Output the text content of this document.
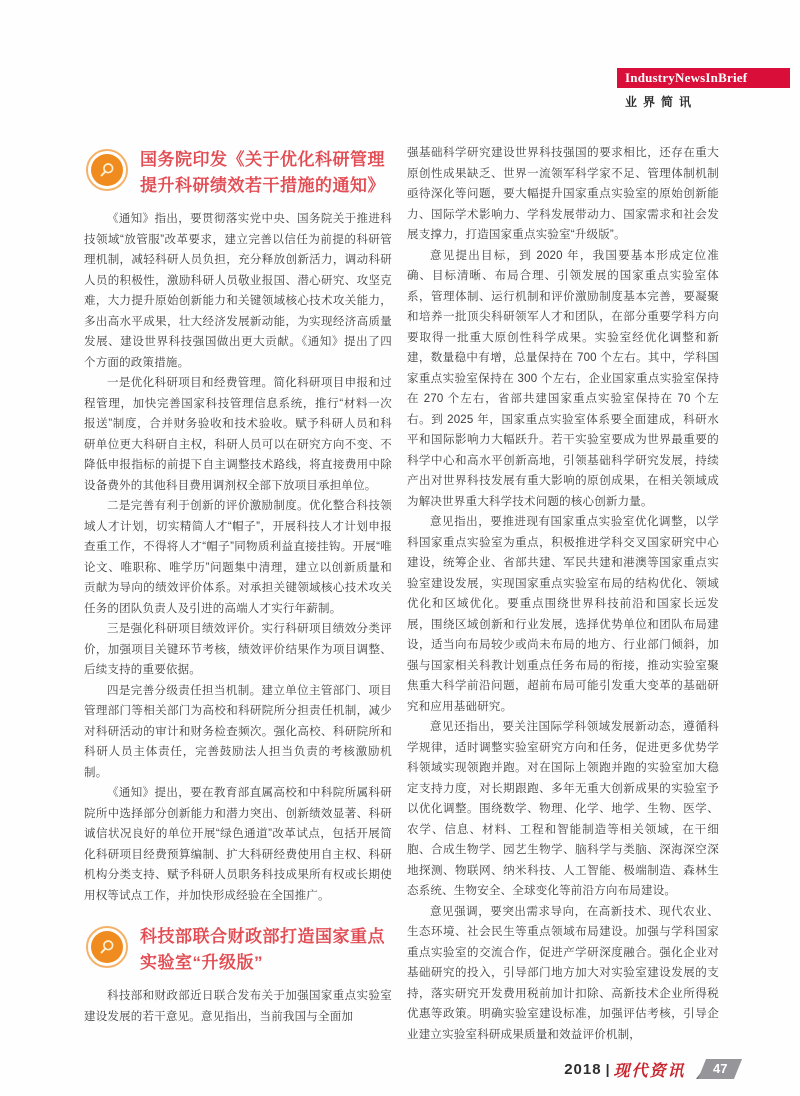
IndustryNewsInBrief
业界简讯
国务院印发《关于优化科研管理提升科研绩效若干措施的通知》

《通知》指出，要贯彻落实党中央、国务院关于推进科技领域“放管服”改革要求，建立完善以信任为前提的科研管理机制，减轻科研人员负担，充分释放创新活力，调动科研人员的积极性，激励科研人员敬业报国、潜心研究、攻坚克难，大力提升原始创新能力和关键领域核心技术攻关能力，多出高水平成果，壮大经济发展新动能，为实现经济高质量发展、建设世界科技强国做出更大贡献。《通知》提出了四个方面的政策措施。

一是优化科研项目和经费管理。简化科研项目申报和过程管理，加快完善国家科技管理信息系统，推行“材料一次报送”制度，合并财务验收和技术验收。赋予科研人员和科研单位更大科研自主权，科研人员可以在研究方向不变、不降低申报指标的前提下自主调整技术路线，将直接费用中除设备费外的其他科目费用调剂权全部下放项目承担单位。

二是完善有利于创新的评价激励制度。优化整合科技领域人才计划，切实精简人才“帽子”，开展科技人才计划申报查重工作，不得将人才“帽子”同物质利益直接挂钩。开展“唯论文、唯职称、唯学历”问题集中清理，建立以创新质量和贡献为导向的绩效评价体系。对承担关键领域核心技术攻关任务的团队负责人及引进的高端人才实行年薪制。

三是强化科研项目绩效评价。实行科研项目绩效分类评价，加强项目关键环节考核，绩效评价结果作为项目调整、后续支持的重要依据。

四是完善分级责任担当机制。建立单位主管部门、项目管理部门等相关部门为高校和科研院所分担责任机制，减少对科研活动的审计和财务检查频次。强化高校、科研院所和科研人员主体责任，完善鼓励法人担当负责的考核激励机制。

《通知》提出，要在教育部直属高校和中科院所属科研院所中选择部分创新能力和潜力突出、创新绩效显著、科研诚信状况良好的单位开展“绿色通道”改革试点，包括开展简化科研项目经费预算编制、扩大科研经费使用自主权、科研机构分类支持、赋予科研人员职务科技成果所有权或长期使用权等试点工作，并加快形成经验在全国推广。

科技部联合财政部打造国家重点实验室“升级版”

科技部和财政部近日联合发布关于加强国家重点实验室建设发展的若干意见。意见指出，当前我国与全面加

强基础科学研究建设世界科技强国的要求相比，还存在重大原创性成果缺乏、世界一流领军科学家不足、管理体制机制亟待深化等问题，要大幅提升国家重点实验室的原始创新能力、国际学术影响力、学科发展带动力、国家需求和社会发展支撑力，打造国家重点实验室“升级版”。

意见提出目标，到 2020 年，我国要基本形成定位准确、目标清晰、布局合理、引领发展的国家重点实验室体系，管理体制、运行机制和评价激励制度基本完善，要凝聚和培养一批顶尖科研领军人才和团队，在部分重要学科方向要取得一批重大原创性科学成果。实验室经优化调整和新建，数量稳中有增，总量保持在 700 个左右。其中，学科国家重点实验室保持在 300 个左右，企业国家重点实验室保持在 270 个左右，省部共建国家重点实验室保持在 70 个左右。到 2025 年，国家重点实验室体系要全面建成，科研水平和国际影响力大幅跃升。若干实验室要成为世界最重要的科学中心和高水平创新高地，引领基础科学研究发展，持续产出对世界科技发展有重大影响的原创成果，在相关领域成为解决世界重大科学技术问题的核心创新力量。

意见指出，要推进现有国家重点实验室优化调整，以学科国家重点实验室为重点，积极推进学科交叉国家研究中心建设，统筹企业、省部共建、军民共建和港澳等国家重点实验室建设发展，实现国家重点实验室布局的结构优化、领域优化和区域优化。要重点围绕世界科技前沿和国家长远发展，围绕区域创新和行业发展，选择优势单位和团队布局建设，适当向布局较少或尚未布局的地方、行业部门倾斜，加强与国家相关科教计划重点任务布局的衔接，推动实验室聚焦重大科学前沿问题，超前布局可能引发重大变革的基础研究和应用基础研究。

意见还指出，要关注国际学科领域发展新动态，遵循科学规律，适时调整实验室研究方向和任务，促进更多优势学科领域实现领跑并跑。对在国际上领跑并跑的实验室加大稳定支持力度，对长期跟跑、多年无重大创新成果的实验室予以优化调整。围绕数学、物理、化学、地学、生物、医学、农学、信息、材料、工程和智能制造等相关领域，在干细胞、合成生物学、园艺生物学、脑科学与类脑、深海深空深地探测、物联网、纳米科技、人工智能、极端制造、森林生态系统、生物安全、全球变化等前沿方向布局建设。

意见强调，要突出需求导向，在高新技术、现代农业、生态环境、社会民生等重点领域布局建设。加强与学科国家重点实验室的交流合作，促进产学研深度融合。强化企业对基础研究的投入，引导部门地方加大对实验室建设发展的支持，落实研究开发费用税前加计扣除、高新技术企业所得税优惠等政策。明确实验室建设标准，加强评估考核，引导企业建立实验室科研成果质量和效益评价机制，

2018 | 现代资讯	47
